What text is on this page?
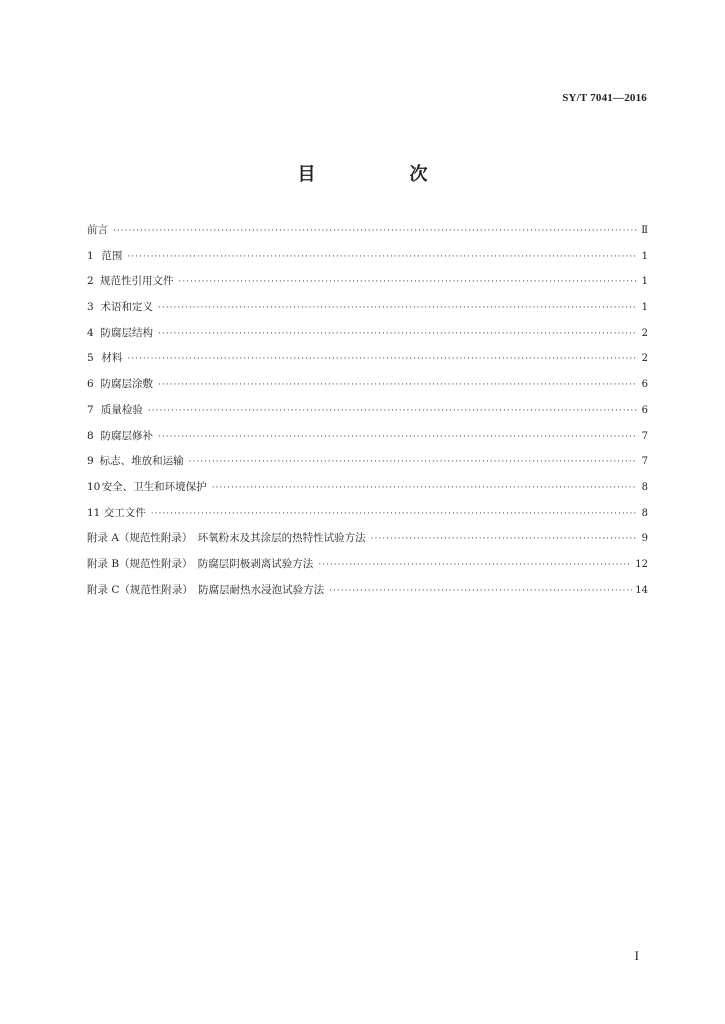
SY/T 7041—2016
目　次
前言 ·····	Ⅱ
1 范围 ·····	1
2 规范性引用文件 ·····	1
3 术语和定义 ·····	1
4 防腐层结构 ·····	2
5 材料 ·····	2
6 防腐层涂敷 ·····	6
7 质量检验 ·····	6
8 防腐层修补 ·····	7
9 标志、堆放和运输 ·····	7
10 安全、卫生和环境保护 ·····	8
11 交工文件 ·····	8
附录 A（规范性附录）　环氧粉末及其涂层的热特性试验方法 ·····	9
附录 B（规范性附录）　防腐层阴极剥离试验方法 ·····	12
附录 C（规范性附录）　防腐层耐热水浸泡试验方法 ·····	14
I
